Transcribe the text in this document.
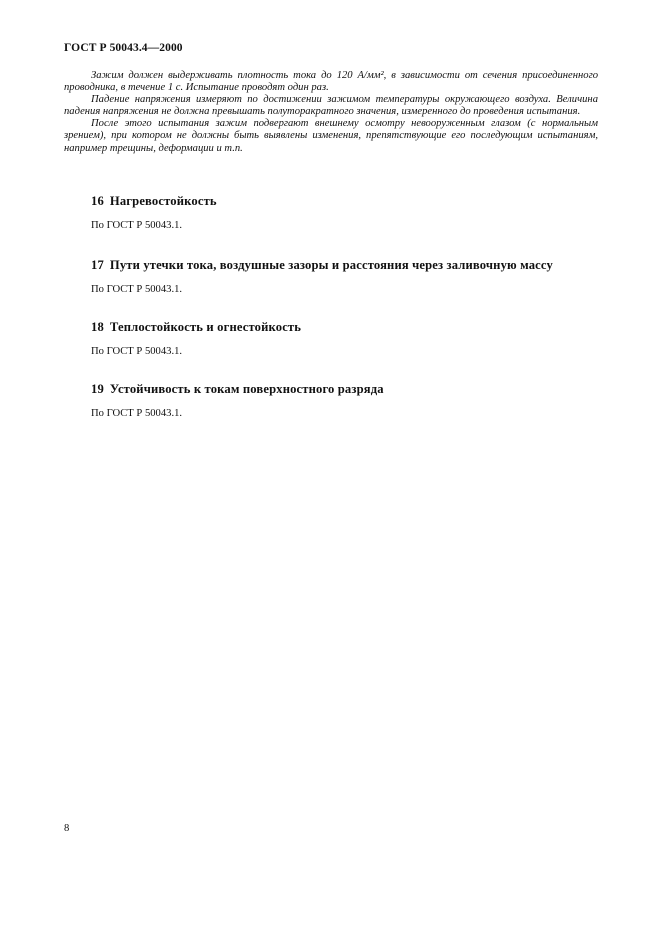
ГОСТ Р 50043.4—2000

Зажим должен выдерживать плотность тока до 120 А/мм², в зависимости от сечения присоединенного проводника, в течение 1 с. Испытание проводят один раз.

Падение напряжения измеряют по достижении зажимом температуры окружающего воздуха. Величина падения напряжения не должна превышать полуторакратного значения, измеренного до проведения испытания.

После этого испытания зажим подвергают внешнему осмотру невооруженным глазом (с нормальным зрением), при котором не должны быть выявлены изменения, препятствующие его последующим испытаниям, например трещины, деформации и т.п.

16 Нагревостойкость
По ГОСТ Р 50043.1.
17 Пути утечки тока, воздушные зазоры и расстояния через заливочную массу
По ГОСТ Р 50043.1.
18 Теплостойкость и огнестойкость
По ГОСТ Р 50043.1.
19 Устойчивость к токам поверхностного разряда
По ГОСТ Р 50043.1.
8
